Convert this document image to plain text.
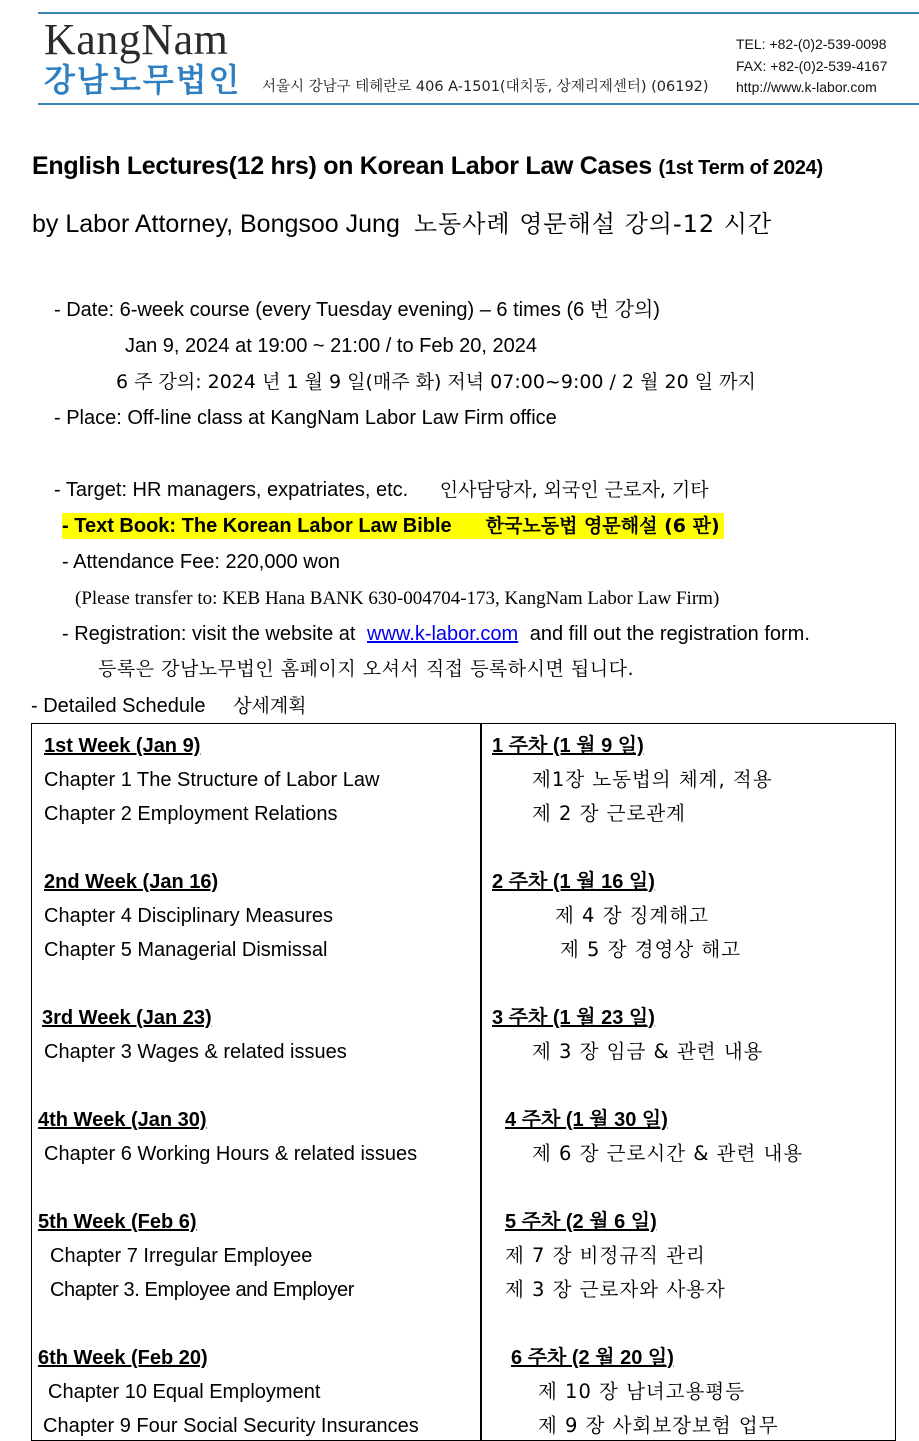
KangNam
강남노무법인 서울시 강남구 테헤란로 406 A-1501(대치동, 상제리제센터) (06192)
TEL: +82-(0)2-539-0098
FAX: +82-(0)2-539-4167
http://www.k-labor.com
English Lectures(12 hrs) on Korean Labor Law Cases (1st Term of 2024)
by Labor Attorney, Bongsoo Jung 노동사례 영문해설 강의-12 시간
- Date: 6-week course (every Tuesday evening) – 6 times (6 번 강의)
Jan 9, 2024 at 19:00 ~ 21:00 / to Feb 20, 2024
6 주 강의: 2024 년 1 월 9 일(매주 화) 저녁 07:00~9:00 / 2 월 20 일 까지
- Place: Off-line class at KangNam Labor Law Firm office
- Target: HR managers, expatriates, etc. 인사담당자, 외국인 근로자, 기타
- Text Book: The Korean Labor Law Bible 한국노동법 영문해설 (6 판)
- Attendance Fee: 220,000 won
(Please transfer to: KEB Hana BANK 630-004704-173, KangNam Labor Law Firm)
- Registration: visit the website at www.k-labor.com and fill out the registration form.
등록은 강남노무법인 홈페이지 오셔서 직접 등록하시면 됩니다.
- Detailed Schedule 상세계획
1st Week (Jan 9)
Chapter 1 The Structure of Labor Law
Chapter 2 Employment Relations
1 주차 (1 월 9 일)
제1장 노동법의 체계, 적용
제 2 장 근로관계
2nd Week (Jan 16)
Chapter 4 Disciplinary Measures
Chapter 5 Managerial Dismissal
2 주차 (1 월 16 일)
제 4 장 징계해고
제 5 장 경영상 해고
3rd Week (Jan 23)
Chapter 3 Wages & related issues
3 주차 (1 월 23 일)
제 3 장 임금 & 관련 내용
4th Week (Jan 30)
Chapter 6 Working Hours & related issues
4 주차 (1 월 30 일)
제 6 장 근로시간 & 관련 내용
5th Week (Feb 6)
Chapter 7 Irregular Employee
Chapter 3. Employee and Employer
5 주차 (2 월 6 일)
제 7 장 비정규직 관리
제 3 장 근로자와 사용자
6th Week (Feb 20)
Chapter 10 Equal Employment
Chapter 9 Four Social Security Insurances
6 주차 (2 월 20 일)
제 10 장 남녀고용평등
제 9 장 사회보장보험 업무
